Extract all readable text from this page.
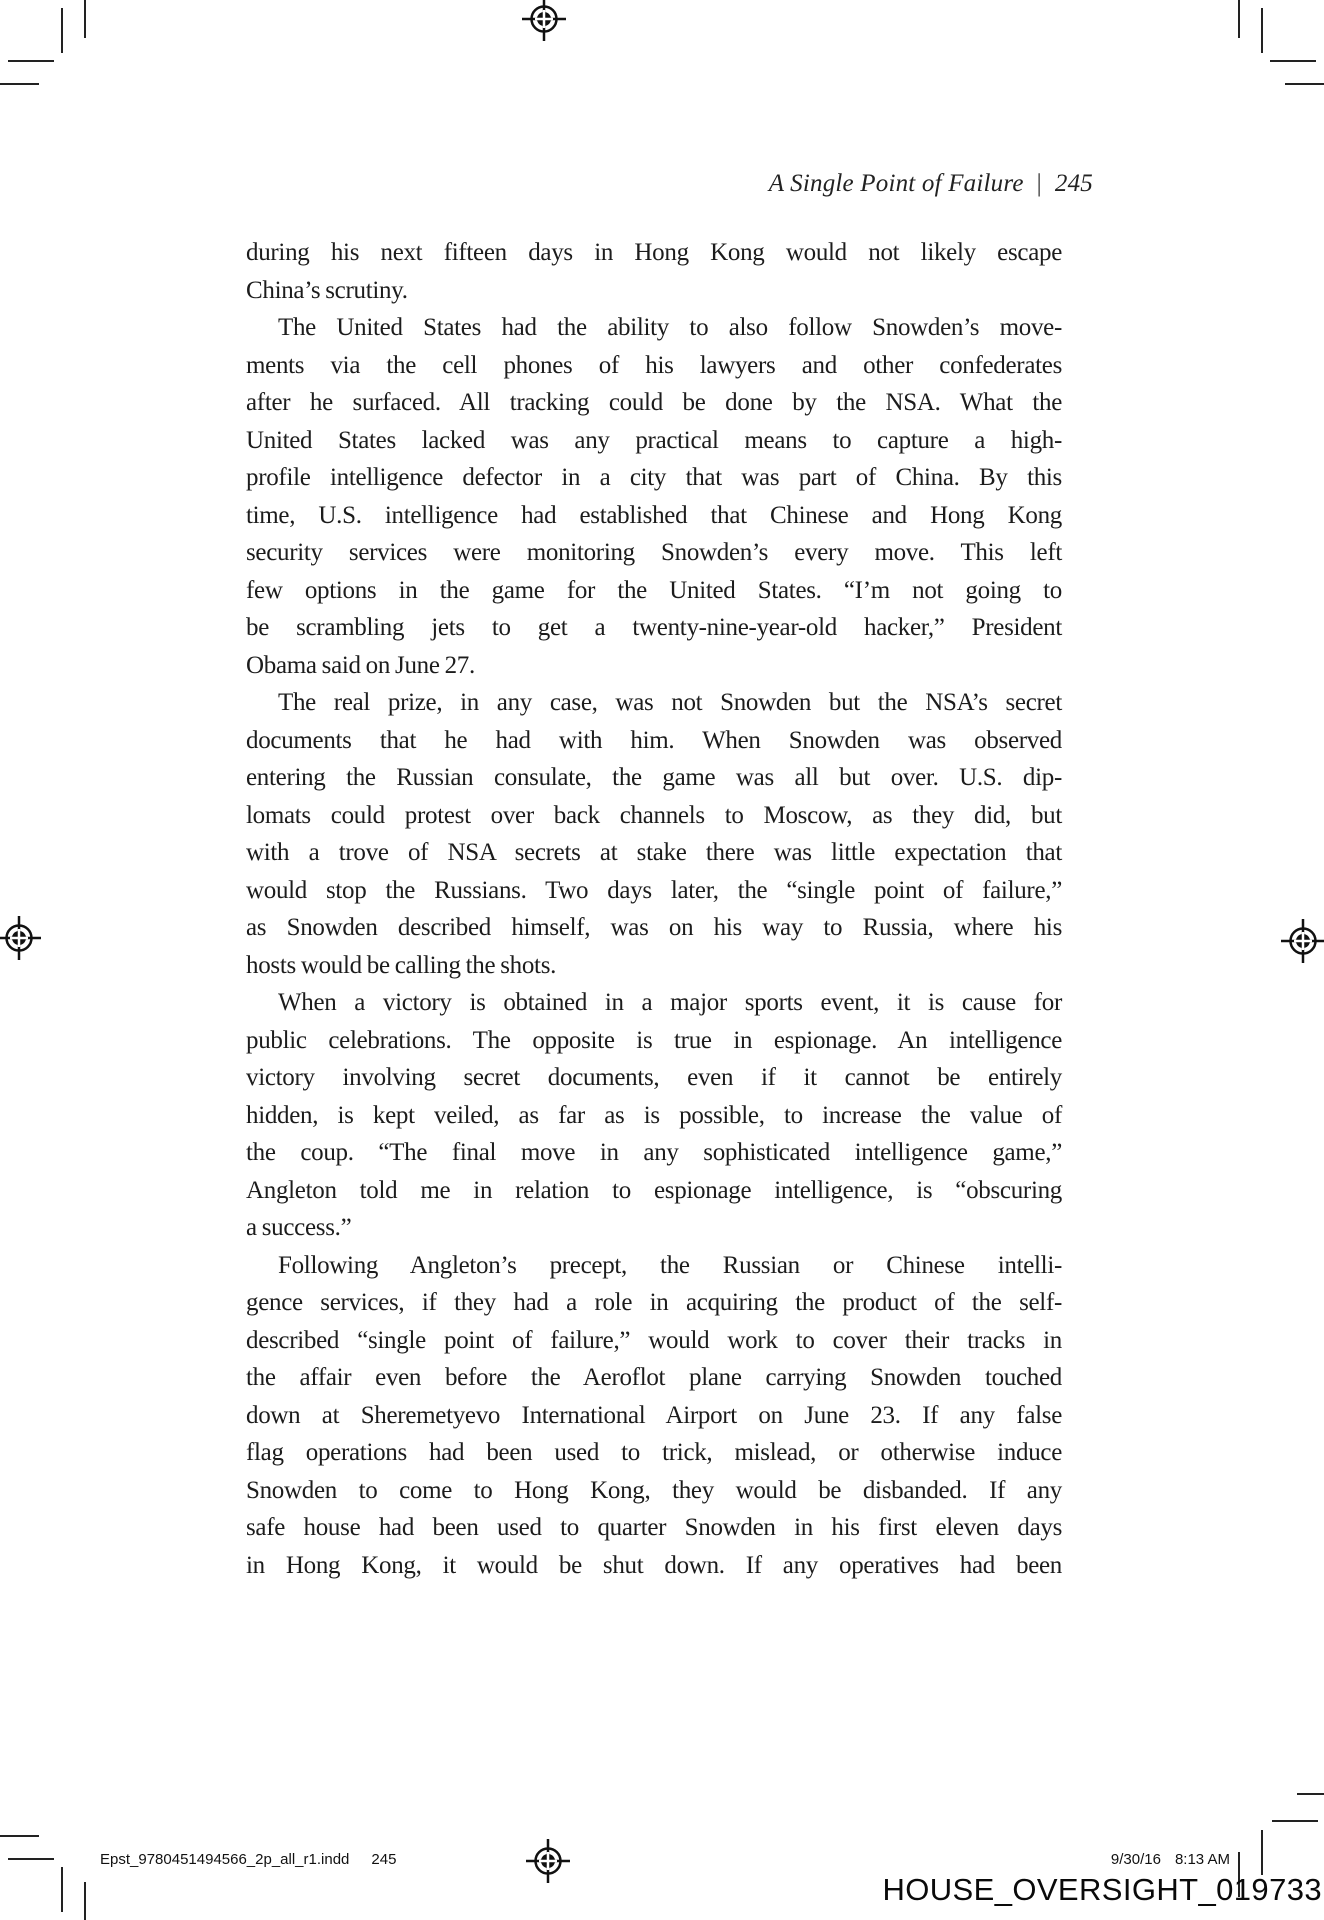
A Single Point of Failure | 245
during his next fifteen days in Hong Kong would not likely escape
China’s scrutiny.
The United States had the ability to also follow Snowden’s move-
ments via the cell phones of his lawyers and other confederates
after he surfaced. All tracking could be done by the NSA. What the
United States lacked was any practical means to capture a high-
profile intelligence defector in a city that was part of China. By this
time, U.S. intelligence had established that Chinese and Hong Kong
security services were monitoring Snowden’s every move. This left
few options in the game for the United States. “I’m not going to
be scrambling jets to get a twenty-nine-year-old hacker,” President
Obama said on June 27.
The real prize, in any case, was not Snowden but the NSA’s secret
documents that he had with him. When Snowden was observed
entering the Russian consulate, the game was all but over. U.S. dip-
lomats could protest over back channels to Moscow, as they did, but
with a trove of NSA secrets at stake there was little expectation that
would stop the Russians. Two days later, the “single point of failure,”
as Snowden described himself, was on his way to Russia, where his
hosts would be calling the shots.
When a victory is obtained in a major sports event, it is cause for
public celebrations. The opposite is true in espionage. An intelligence
victory involving secret documents, even if it cannot be entirely
hidden, is kept veiled, as far as is possible, to increase the value of
the coup. “The final move in any sophisticated intelligence game,”
Angleton told me in relation to espionage intelligence, is “obscuring
a success.”
Following Angleton’s precept, the Russian or Chinese intelli-
gence services, if they had a role in acquiring the product of the self-
described “single point of failure,” would work to cover their tracks in
the affair even before the Aeroflot plane carrying Snowden touched
down at Sheremetyevo International Airport on June 23. If any false
flag operations had been used to trick, mislead, or otherwise induce
Snowden to come to Hong Kong, they would be disbanded. If any
safe house had been used to quarter Snowden in his first eleven days
in Hong Kong, it would be shut down. If any operatives had been
Epst_9780451494566_2p_all_r1.indd 245	9/30/16 8:13 AM
HOUSE_OVERSIGHT_019733
